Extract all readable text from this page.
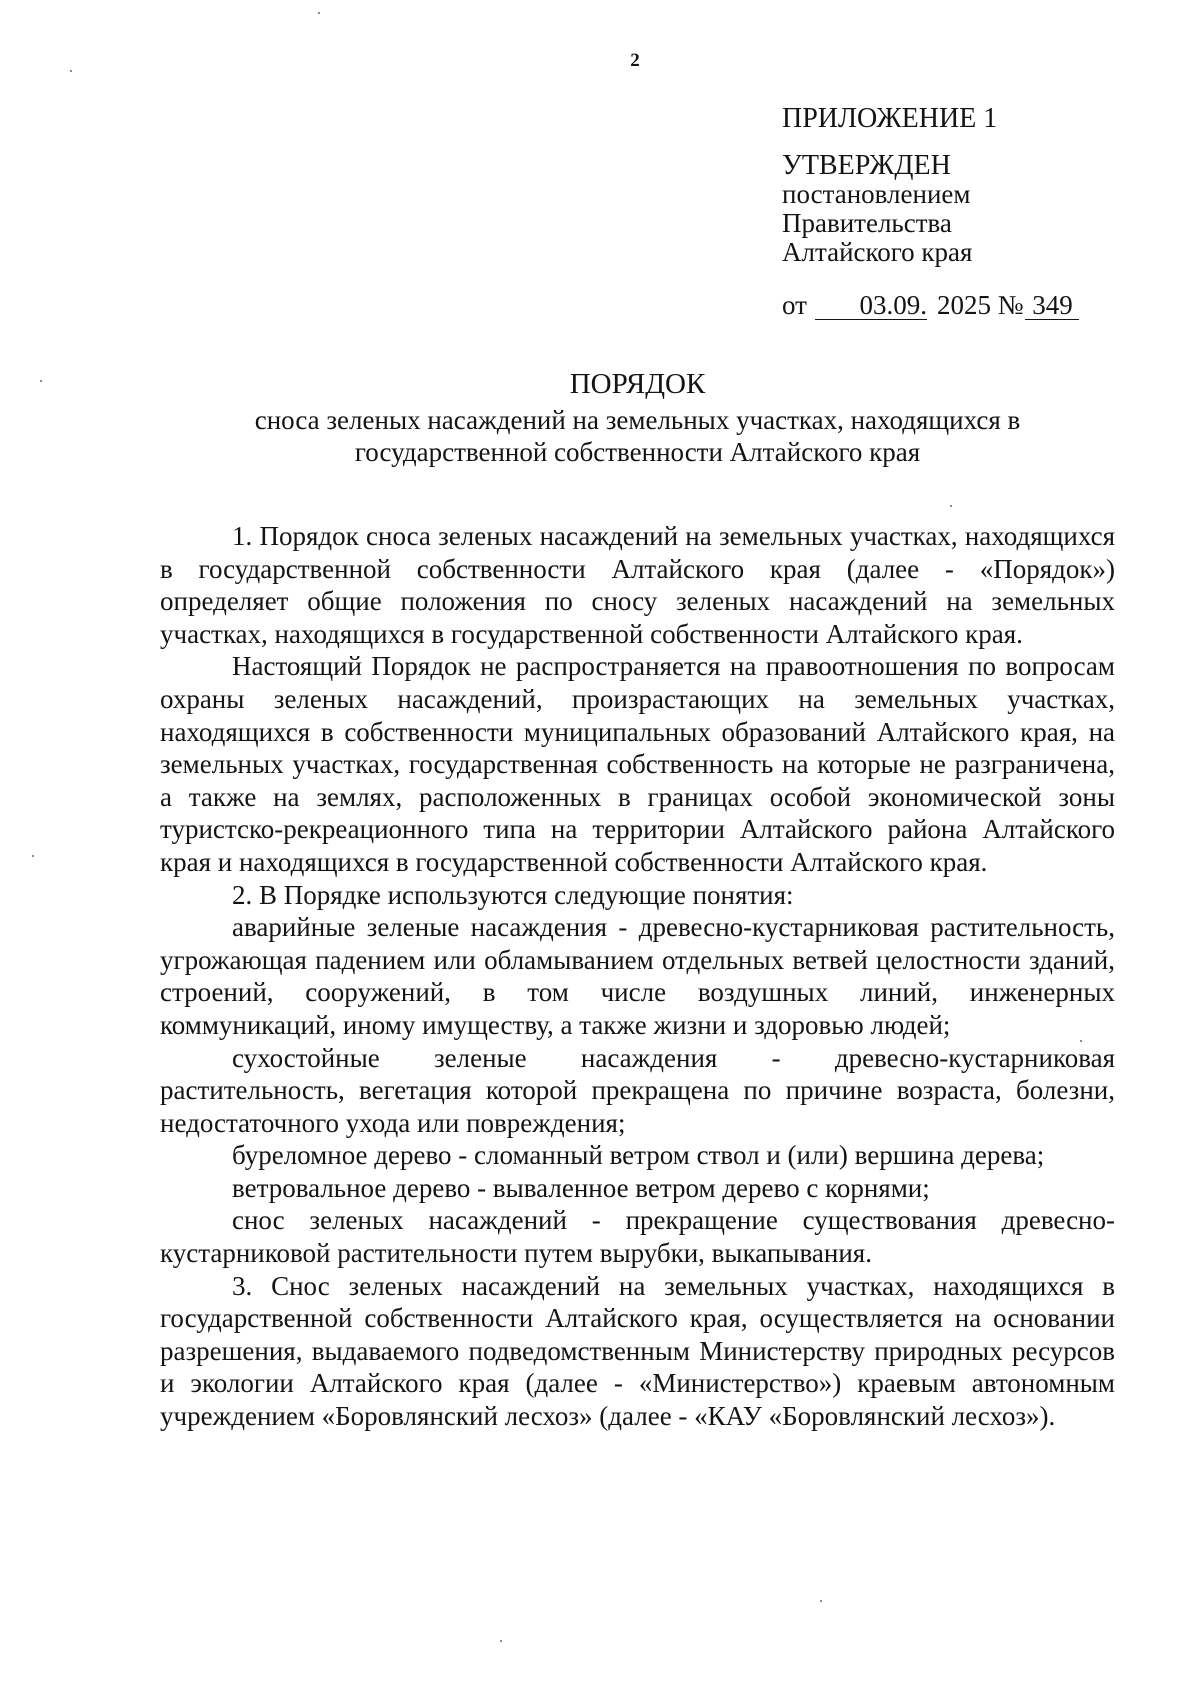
2
ПРИЛОЖЕНИЕ 1
УТВЕРЖДЕН
постановлением
Правительства
Алтайского края
от	03.09. 2025 № 349
ПОРЯДОК
сноса зеленых насаждений на земельных участках, находящихся в
государственной собственности Алтайского края

1. Порядок сноса зеленых насаждений на земельных участках, находящихся в государственной собственности Алтайского края (далее - «Порядок») определяет общие положения по сносу зеленых насаждений на земельных участках, находящихся в государственной собственности Алтайского края.

Настоящий Порядок не распространяется на правоотношения по вопросам охраны зеленых насаждений, произрастающих на земельных участках, находящихся в собственности муниципальных образований Алтайского края, на земельных участках, государственная собственность на которые не разграничена, а также на землях, расположенных в границах особой экономической зоны туристско-рекреационного типа на территории Алтайского района Алтайского края и находящихся в государственной собственности Алтайского края.

2. В Порядке используются следующие понятия:

аварийные зеленые насаждения - древесно-кустарниковая растительность, угрожающая падением или обламыванием отдельных ветвей целостности зданий, строений, сооружений, в том числе воздушных линий, инженерных коммуникаций, иному имуществу, а также жизни и здоровью людей;

сухостойные зеленые насаждения - древесно-кустарниковая растительность, вегетация которой прекращена по причине возраста, болезни, недостаточного ухода или повреждения;

буреломное дерево - сломанный ветром ствол и (или) вершина дерева;

ветровальное дерево - вываленное ветром дерево с корнями;

снос зеленых насаждений - прекращение существования древесно-кустарниковой растительности путем вырубки, выкапывания.

3. Снос зеленых насаждений на земельных участках, находящихся в государственной собственности Алтайского края, осуществляется на основании разрешения, выдаваемого подведомственным Министерству природных ресурсов и экологии Алтайского края (далее - «Министерство») краевым автономным учреждением «Боровлянский лесхоз» (далее - «КАУ «Боровлянский лесхоз»).
